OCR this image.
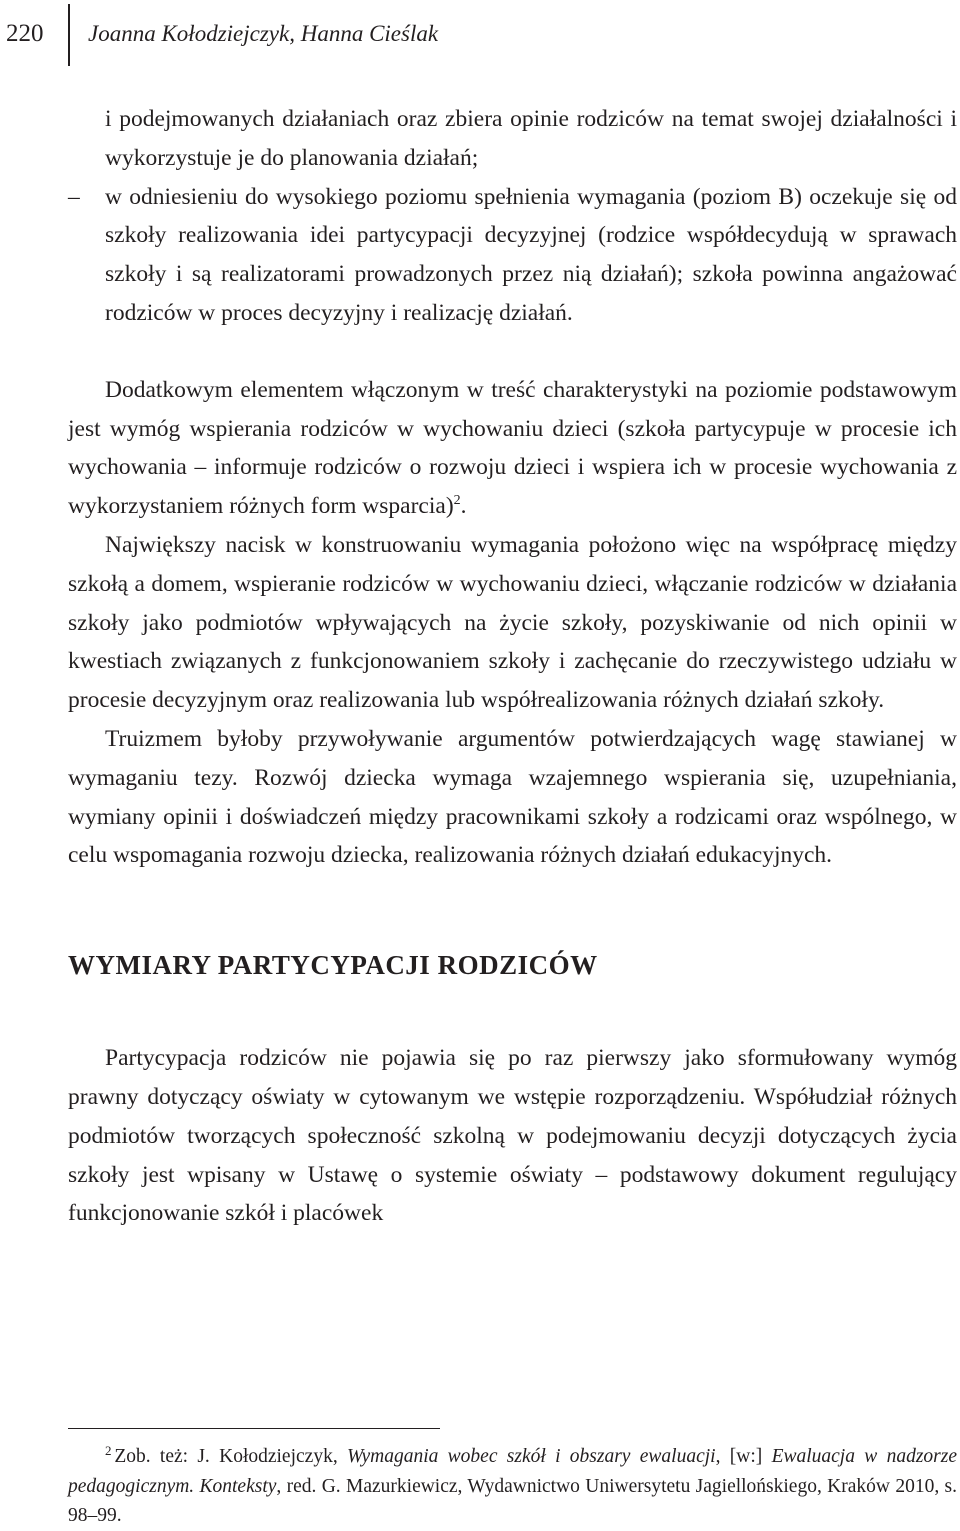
220 Joanna Kołodziejczyk, Hanna Cieślak

i podejmowanych działaniach oraz zbiera opinie rodziców na temat swojej działalności i wykorzystuje je do planowania działań;

– w odniesieniu do wysokiego poziomu spełnienia wymagania (poziom B) oczekuje się od szkoły realizowania idei partycypacji decyzyjnej (rodzice współdecydują w sprawach szkoły i są realizatorami prowadzonych przez nią działań); szkoła powinna angażować rodziców w proces decyzyjny i realizację działań.

Dodatkowym elementem włączonym w treść charakterystyki na poziomie podstawowym jest wymóg wspierania rodziców w wychowaniu dzieci (szkoła partycypuje w procesie ich wychowania – informuje rodziców o rozwoju dzieci i wspiera ich w procesie wychowania z wykorzystaniem różnych form wsparcia)$^2$.

Największy nacisk w konstruowaniu wymagania położono więc na współpracę między szkołą a domem, wspieranie rodziców w wychowaniu dzieci, włączanie rodziców w działania szkoły jako podmiotów wpływających na życie szkoły, pozyskiwanie od nich opinii w kwestiach związanych z funkcjonowaniem szkoły i zachęcanie do rzeczywistego udziału w procesie decyzyjnym oraz realizowania lub współrealizowania różnych działań szkoły.

Truizmem byłoby przywoływanie argumentów potwierdzających wagę stawianej w wymaganiu tezy. Rozwój dziecka wymaga wzajemnego wspierania się, uzupełniania, wymiany opinii i doświadczeń między pracownikami szkoły a rodzicami oraz wspólnego, w celu wspomagania rozwoju dziecka, realizowania różnych działań edukacyjnych.

WYMIARY PARTYCYPACJI RODZICÓW

Partycypacja rodziców nie pojawia się po raz pierwszy jako sformułowany wymóg prawny dotyczący oświaty w cytowanym we wstępie rozporządzeniu. Współudział różnych podmiotów tworzących społeczność szkolną w podejmowaniu decyzji dotyczących życia szkoły jest wpisany w Ustawę o systemie oświaty – podstawowy dokument regulujący funkcjonowanie szkół i placówek

$^2$ Zob. też: J. Kołodziejczyk, Wymagania wobec szkół i obszary ewaluacji, [w:] Ewaluacja w nadzorze pedagogicznym. Konteksty, red. G. Mazurkiewicz, Wydawnictwo Uniwersytetu Jagiellońskiego, Kraków 2010, s. 98–99.
